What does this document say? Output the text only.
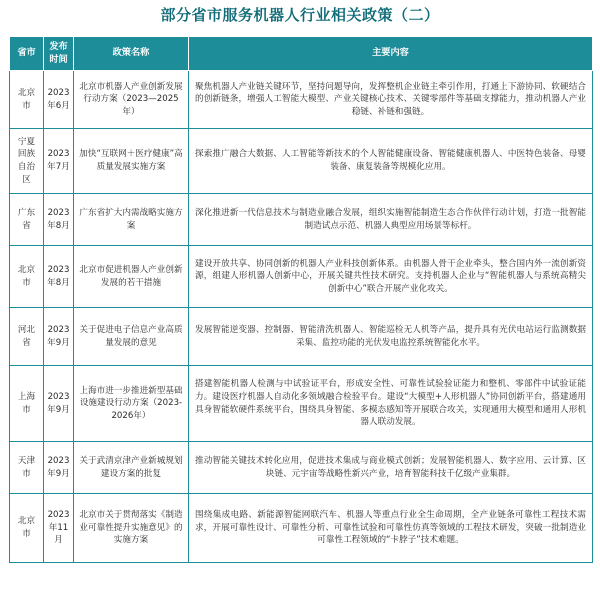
部分省市服务机器人行业相关政策（二）
省市	发布时间	政策名称	主要内容
北京市	2023年6月	北京市机器人产业创新发展行动方案（2023—2025年）	聚焦机器人产业链关键环节，坚持问题导向，发挥整机企业链主牵引作用，打通上下游协同、软硬结合的创新链条，增强人工智能大模型、产业关键核心技术、关键零部件等基础支撑能力，推动机器人产业稳链、补链和强链。
宁夏回族自治区	2023年7月	加快“互联网＋医疗健康”高质量发展实施方案	探索推广融合大数据、人工智能等新技术的个人智能健康设备、智能健康机器人、中医特色装备、母婴装备、康复装备等规模化应用。
广东省	2023年8月	广东省扩大内需战略实施方案	深化推进新一代信息技术与制造业融合发展，组织实施智能制造生态合作伙伴行动计划，打造一批智能制造试点示范、机器人典型应用场景等标杆。
北京市	2023年8月	北京市促进机器人产业创新发展的若干措施	建设开放共享、协同创新的机器人产业科技创新体系。由机器人骨干企业牵头，整合国内外一流创新资源，组建人形机器人创新中心，开展关键共性技术研究。支持机器人企业与“智能机器人与系统高精尖创新中心”联合开展产业化攻关。
河北省	2023年9月	关于促进电子信息产业高质量发展的意见	发展智能逆变器、控制器、智能清洗机器人、智能巡检无人机等产品，提升具有光伏电站运行监测数据采集、监控功能的光伏发电监控系统智能化水平。
上海市	2023年9月	上海市进一步推进新型基础设施建设行动方案（2023-2026年）	搭建智能机器人检测与中试验证平台，形成安全性、可靠性试验验证能力和整机、零部件中试验证能力。建设医疗机器人自动化多领域融合检验平台。建设“大模型+人形机器人”协同创新平台，搭建通用具身智能软硬件系统平台，围绕具身智能、多模态感知等开展联合攻关，实现通用大模型和通用人形机器人联动发展。
天津市	2023年9月	关于武清京津产业新城规划建设方案的批复	推动智能关键技术转化应用，促进技术集成与商业模式创新；发展智能机器人、数字应用、云计算、区块链、元宇宙等战略性新兴产业，培育智能科技千亿级产业集群。
北京市	2023年11月	北京市关于贯彻落实《制造业可靠性提升实施意见》的实施方案	围绕集成电路、新能源智能网联汽车、机器人等重点行业全生命周期，全产业链条可靠性工程技术需求，开展可靠性设计、可靠性分析、可靠性试验和可靠性仿真等领域的工程技术研发，突破一批制造业可靠性工程领域的“卡脖子”技术难题。
